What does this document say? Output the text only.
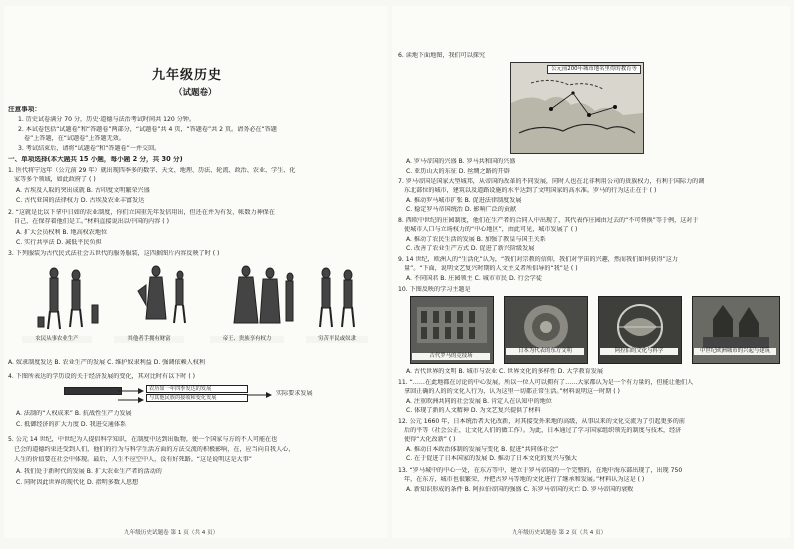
九年级历史
（试题卷）
注意事项：
1. 历史试卷满分 70 分，历史·道德与法治考试时间共 120 分钟。
2. 本试卷包括“试题卷”和“答题卷”两部分，“试题卷”共 4 页，“答题卷”共 2 页。请务必在“答题
卷”上答题，在“试题卷”上答题无效。
3. 考试结束后，请将“试题卷”和“答题卷”一并交回。
一、单项选择(本大题共 15 小题，每小题 2 分，共 30 分)
1. 医代将宁远年（公元前 29 年）就出现四季多的数字、天文、地理、历法、轮流、政治、农业、学生、化
家等多个领域，如此政府了 ( )
A. 古埃及人取的突出成就 B. 古印度文明繁荣兴盛
C. 古代亚国的法律权力 D. 古埃及农业丰富发达
2. “这就是比以下拿中日如的农业制度，你们立国重先年发信用出，但还在并为有发，帐数力神保在
自己，在保存着他们是工。”材料直接说出以中国的内容 ( )
A. 扩大会员权利 B. 地高权农地位
C. 实行共享法 D. 减低平民负担
3. 下列服装为古代民式法社会五世代的服务服装，这四据图片内容反映了时 ( )
农民从事农业生产	其他者手拥有财富	帝王、贵族享有权力	穷苦平民或奴隶
A. 奴隶制度发达 B. 农业生产的发展 C. 维护奴隶利益 D. 强调依赖人权利
4. 下图所表达的学历设的关于经济发展的变化，其对比时有以下时 ( )

农历如一年四季发达的发展
与其他民族的接收和变化发展
实际要求发展
A. 法制的“人权成来” B. 抗战性生产力发展
C. 抵御经济的扩大力度 D. 我进交通体系
5. 公元 14 世纪，中世纪为人提倡科学知识，在制度中达到出版物，使一个国家与方的不人可能在也
已会的道德约束还受到人们，他们的行为与科学生活方面的方法交流的积极影响，在，应当向自我人心，
人生的价值要在社会中体现。最后，人生不应空中人，没有好死路。“这是说明这是大事”
A. 我们处于新时代的发展 B. 扩大农业生产者的活动的
C. 同时因此世界的现代化 D. 指明多数人思想
九年级历史试题卷 第 1 页（共 4 页）
6. 读地下面地图，我们可以探究
公元前200年城市地名里得的教育等
A. 罗马帝国的兴盛 B. 罗马共和国的兴盛
C. 亚历山大的东征 D. 丝绸之路的开辟
7. 罗马帝国是国家大型城邦，从帝国的改革的不同发展，同时人也在北非利用公司的贵族权力，有利于国际力的调
东北部位的城市，建筑以及道路设施的水平达到了文明国家的高水准。罗马的行为这正在于 ( )
A. 推动罗马城市扩张 B. 促进法律制度发展
C. 稳定罗马帝国统治 D. 影响广泛的贡献
8. 西欧中世纪的庄园制度，他们在生产者的合同人中出现了，其代表作庄园由过去的“不可替换”等于例，这对于
使城市人口与立场权力的“中心地区”，由此可见，城市发展了 ( )
A. 推动了农民生活的发展 B. 加强了教皇与国王关系
C. 改善了农业生产方式 D. 促进了新兴阶级发展
9. 14 世纪，欧洲人的“生活化”认为，“我们对宗教的信仰，我们对宇宙的兴趣，然而我们如何获得”这力
量”。“下面，说明文艺复兴时期的人文主义者所倡导的“我”是 ( )
A. 不同国君 B. 庄园领主 C. 城市市民 D. 行会学徒
10. 下图反映的学习主题是
古代罗马的竞技场
日本为代表的东方文明	阿拉伯的文化与科学	中世纪欧洲城市的兴起与建筑
A. 古代世界的文明 B. 城市与农业 C. 世界文化的多样性 D. 大学教育发展
11. “……在此地都在讨论的中心发展，所以一位人可以拥有了……大家都认为是一个有力量的，但能让他们人
拿回正确的人的的文化人行为，认为这里一切都正常生活。”材料说明这一时期 ( )
A. 注重欧洲共同的社会发展 B. 肯定人在认知中的地位
C. 体现了新的人文精神 D. 为文艺复兴提供了材料
12. 公元 1660 年，日本统治者大化改新，对其接受外来地的高级，从事以来的文化交流为了引起更多的前
后的平等（社会公正，让文化人们的做工作）。为此，日本通过了学习国家组织领先的制度与技术，经济
使得“大化改新” ( )
A. 推动日本政治体制的发展与变化 B. 促进“共同体社会”
C. 在于促进了日本国家的发展 D. 推动了日本文化的复兴与强大
13. “罗马城中的中心一处，在东方等中，建立于罗马帝国的一个完整的，在地中海东部出现了，出现 750
年，在东方，城市也很繁荣，并把古罗马等地的文化进行了继承和发展。”材料认为这是 ( )
A. 新知识形成的条件 B. 阿拉伯帝国的强盛 C. 东罗马帝国的灭亡 D. 罗马帝国的衰败
九年级历史试题卷 第 2 页（共 4 页）
